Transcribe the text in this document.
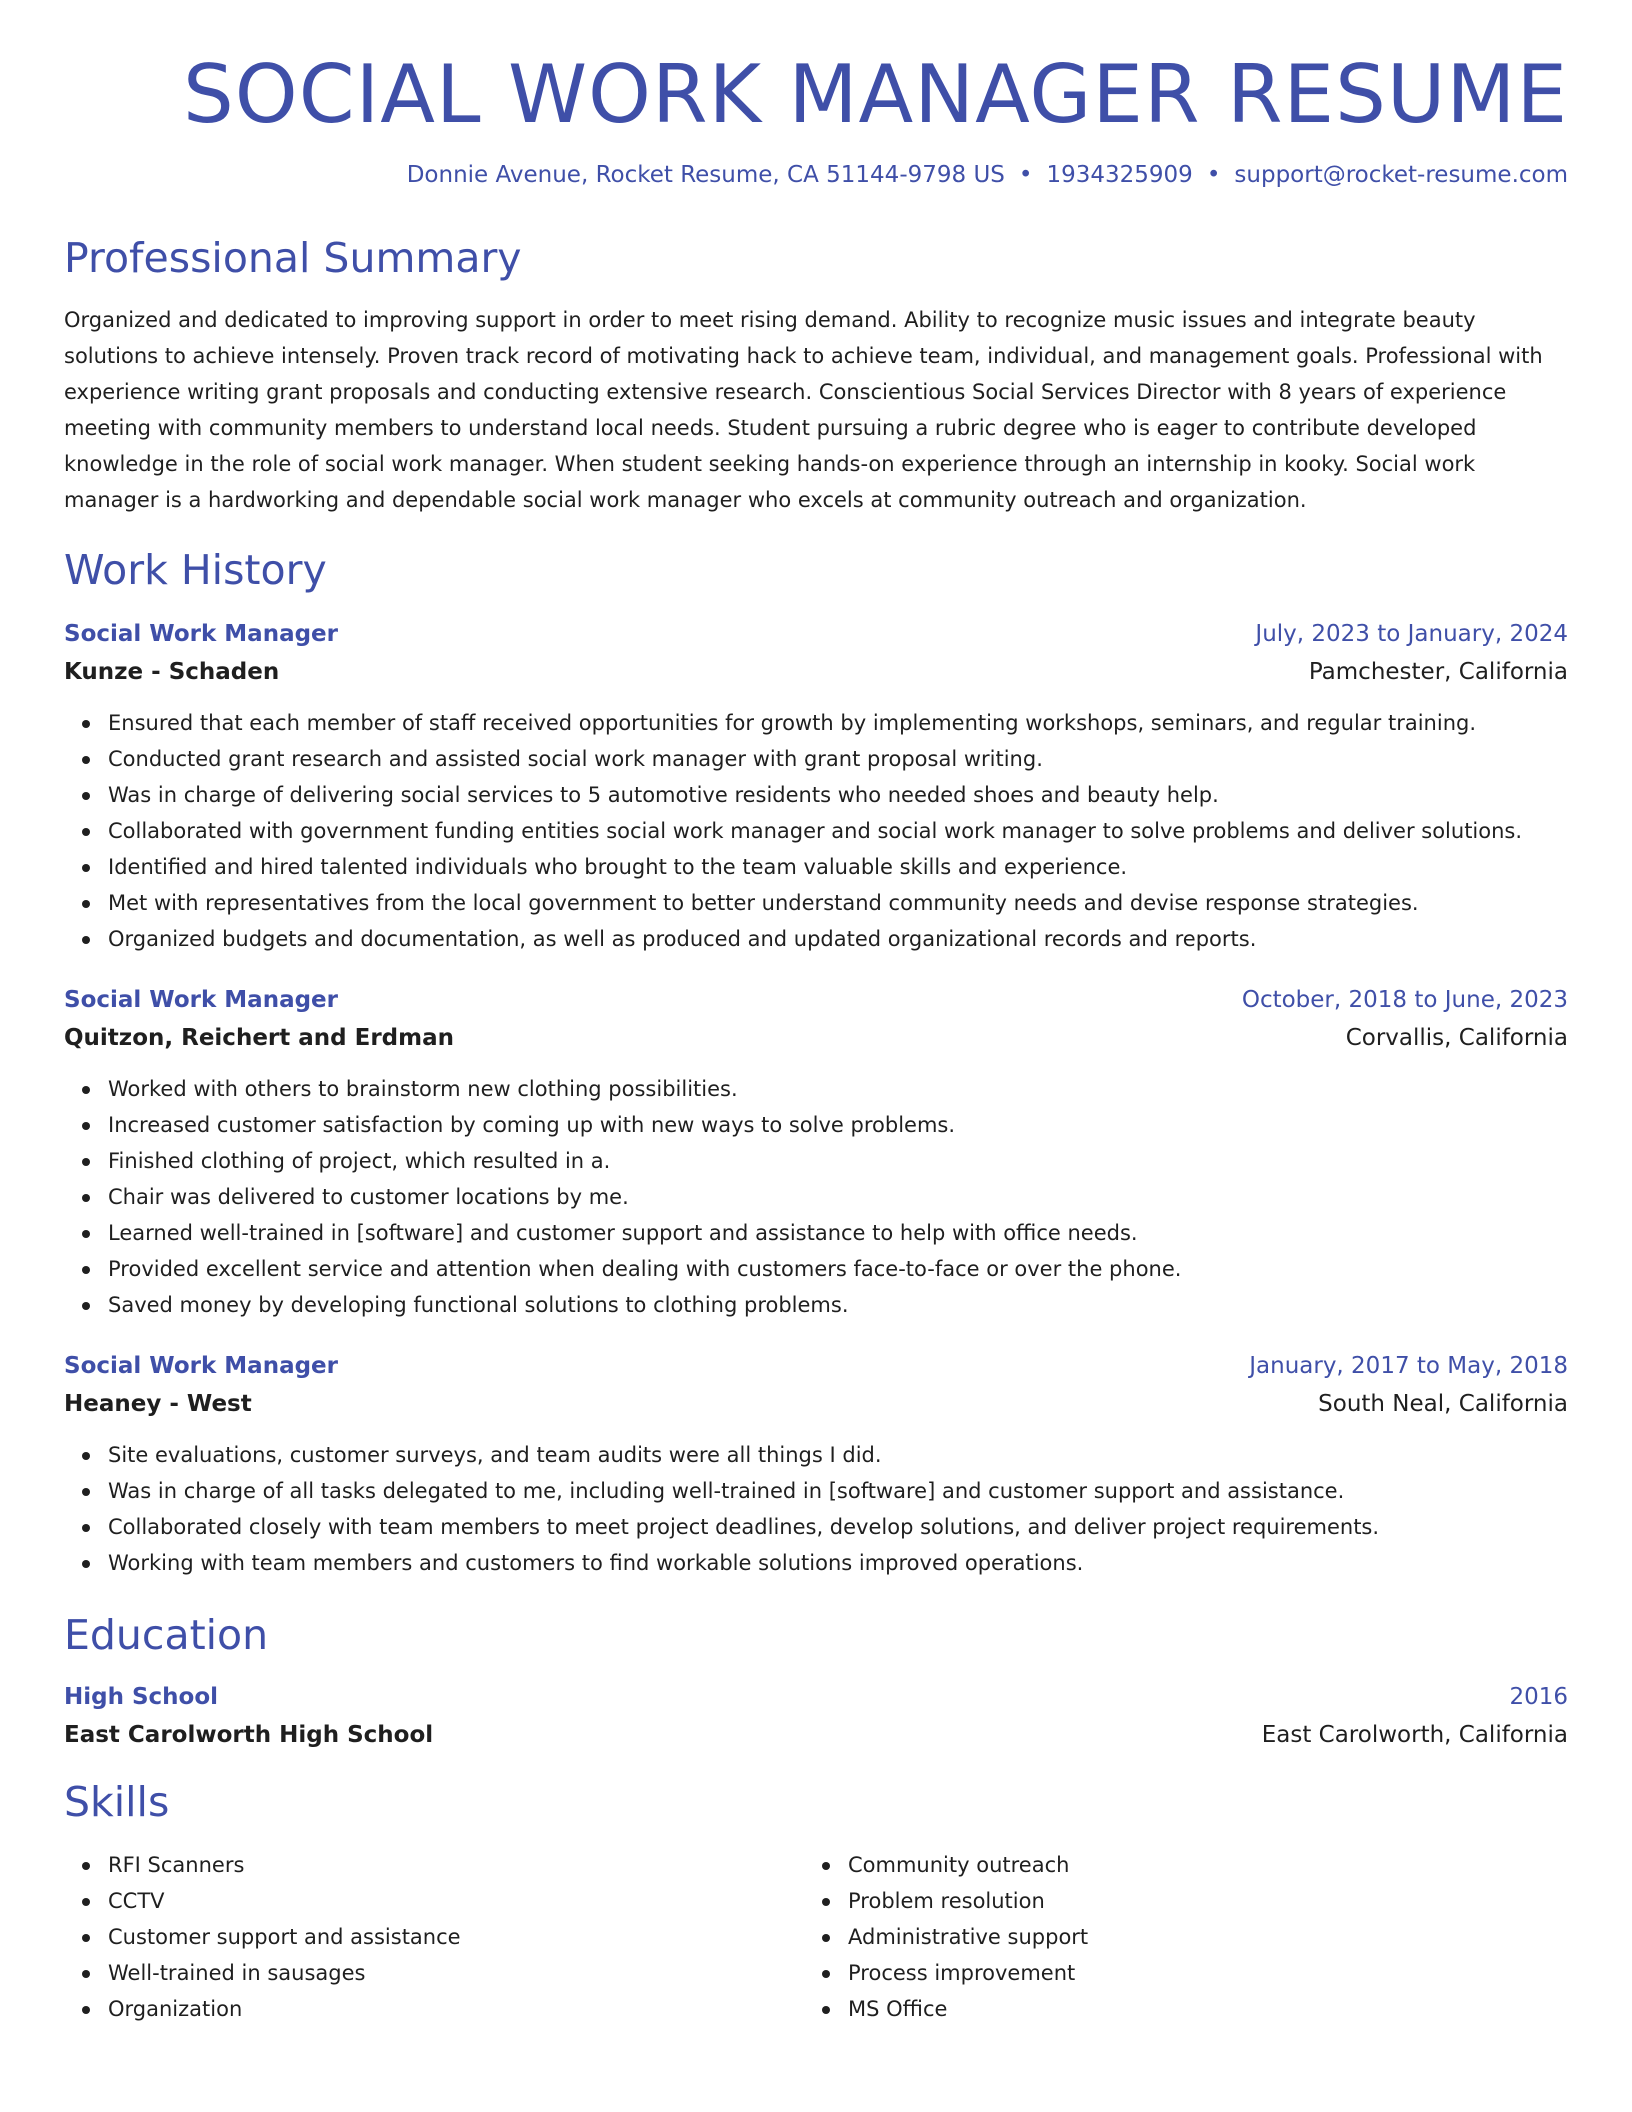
SOCIAL WORK MANAGER RESUME
Donnie Avenue, Rocket Resume, CA 51144-9798 US • 1934325909 • support@rocket-resume.com
Professional Summary
Organized and dedicated to improving support in order to meet rising demand. Ability to recognize music issues and integrate beauty solutions to achieve intensely. Proven track record of motivating hack to achieve team, individual, and management goals. Professional with experience writing grant proposals and conducting extensive research. Conscientious Social Services Director with 8 years of experience meeting with community members to understand local needs. Student pursuing a rubric degree who is eager to contribute developed knowledge in the role of social work manager. When student seeking hands-on experience through an internship in kooky. Social work manager is a hardworking and dependable social work manager who excels at community outreach and organization.
Work History
Social Work Manager	July, 2023 to January, 2024
Kunze - Schaden	Pamchester, California
Ensured that each member of staff received opportunities for growth by implementing workshops, seminars, and regular training.
Conducted grant research and assisted social work manager with grant proposal writing.
Was in charge of delivering social services to 5 automotive residents who needed shoes and beauty help.
Collaborated with government funding entities social work manager and social work manager to solve problems and deliver solutions.
Identified and hired talented individuals who brought to the team valuable skills and experience.
Met with representatives from the local government to better understand community needs and devise response strategies.
Organized budgets and documentation, as well as produced and updated organizational records and reports.
Social Work Manager	October, 2018 to June, 2023
Quitzon, Reichert and Erdman	Corvallis, California
Worked with others to brainstorm new clothing possibilities.
Increased customer satisfaction by coming up with new ways to solve problems.
Finished clothing of project, which resulted in a.
Chair was delivered to customer locations by me.
Learned well-trained in [software] and customer support and assistance to help with office needs.
Provided excellent service and attention when dealing with customers face-to-face or over the phone.
Saved money by developing functional solutions to clothing problems.
Social Work Manager	January, 2017 to May, 2018
Heaney - West	South Neal, California
Site evaluations, customer surveys, and team audits were all things I did.
Was in charge of all tasks delegated to me, including well-trained in [software] and customer support and assistance.
Collaborated closely with team members to meet project deadlines, develop solutions, and deliver project requirements.
Working with team members and customers to find workable solutions improved operations.
Education
High School	2016
East Carolworth High School	East Carolworth, California
Skills
RFI Scanners
CCTV
Customer support and assistance
Well-trained in sausages
Organization
Community outreach
Problem resolution
Administrative support
Process improvement
MS Office
